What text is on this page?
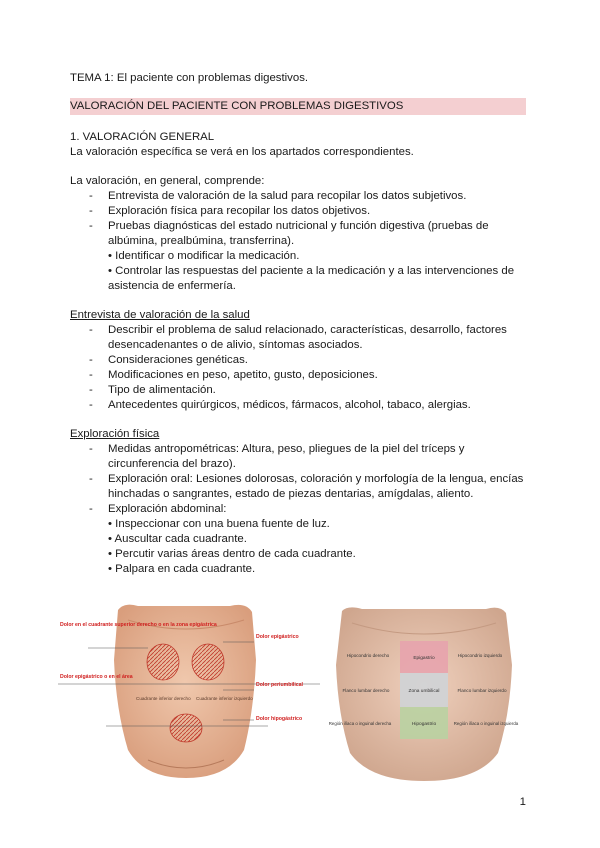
TEMA 1: El paciente con problemas digestivos.
VALORACIÓN DEL PACIENTE CON PROBLEMAS DIGESTIVOS
1. VALORACIÓN GENERAL
La valoración específica se verá en los apartados correspondientes.
La valoración, en general, comprende:
- Entrevista de valoración de la salud para recopilar los datos subjetivos.
- Exploración física para recopilar los datos objetivos.
- Pruebas diagnósticas del estado nutricional y función digestiva (pruebas de
albúmina, prealbúmina, transferrina).
• Identificar o modificar la medicación.
• Controlar las respuestas del paciente a la medicación y a las intervenciones de
asistencia de enfermería.
Entrevista de valoración de la salud
- Describir el problema de salud relacionado, características, desarrollo, factores
desencadenantes o de alivio, síntomas asociados.
- Consideraciones genéticas.
- Modificaciones en peso, apetito, gusto, deposiciones.
- Tipo de alimentación.
- Antecedentes quirúrgicos, médicos, fármacos, alcohol, tabaco, alergias.
Exploración física
- Medidas antropométricas: Altura, peso, pliegues de la piel del tríceps y
circunferencia del brazo).
- Exploración oral: Lesiones dolorosas, coloración y morfología de la lengua, encías
hinchadas o sangrantes, estado de piezas dentarias, amígdalas, aliento.
- Exploración abdominal:
• Inspeccionar con una buena fuente de luz.
• Auscultar cada cuadrante.
• Percutir varias áreas dentro de cada cuadrante.
• Palpara en cada cuadrante.
Dolor en el cuadrante superior derecho o en la zona epigástrica
Dolor epigástrico o en el área
Dolor epigástrico
Dolor periumbilical
Dolor hipogástrico
Cuadrante inferior derecho Cuadrante inferior izquierdo
Epigastrio
Zona umbilical
Hipogastrio
Hipocondrio derecho	Hipocondrio izquierdo
Flanco lumbar derecho	Flanco lumbar izquierdo
Región ilíaca o inguinal derecha	Región ilíaca o inguinal izquierda
1
